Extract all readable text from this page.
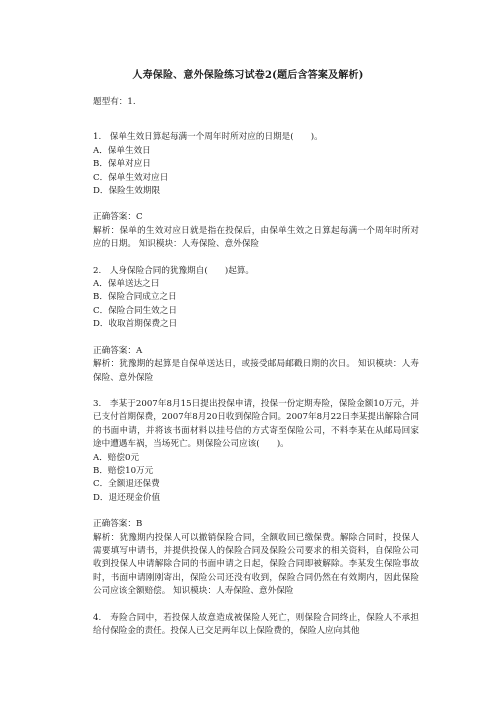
人寿保险、意外保险练习试卷2(题后含答案及解析)

题型有：1.

1.　保单生效日算起每满一个周年时所对应的日期是(　　)。

A．保单生效日

B．保单对应日

C．保单生效对应日

D．保险生效期限

正确答案：C

解析：保单的生效对应日就是指在投保后，由保单生效之日算起每满一个周年时所对应的日期。 知识模块：人寿保险、意外保险

2.　人身保险合同的犹豫期自(　　)起算。

A．保单送达之曰

B．保险合同成立之日

C．保险合同生效之日

D．收取首期保费之日

正确答案：A

解析：犹豫期的起算是自保单送达日，或接受邮局邮戳日期的次日。 知识模块：人寿保险、意外保险

3.　李某于2007年8月15日提出投保申请，投保一份定期寿险，保险金额10万元，并已支付首期保费，2007年8月20日收到保险合同。2007年8月22日李某提出解除合同的书面申请，并将该书面材料以挂号信的方式寄至保险公司，不料李某在从邮局回家途中遭遇车祸，当场死亡。则保险公司应该(　　)。

A．赔偿0元

B．赔偿10万元

C．全额退还保费

D．退还现金价值

正确答案：B

解析：犹豫期内投保人可以撤销保险合同，全额收回已缴保费。解除合同时，投保人需要填写申请书，并提供投保人的保险合同及保险公司要求的相关资料，自保险公司收到投保人申请解除合同的书面申请之日起，保险合同即被解除。李某发生保险事故时，书面申请刚刚寄出，保险公司还没有收到，保险合同仍然在有效期内，因此保险公司应该全额赔偿。 知识模块：人寿保险、意外保险

4.　寿险合同中，若投保人故意造成被保险人死亡，则保险合同终止，保险人不承担给付保险金的责任。投保人已交足两年以上保险费的，保险人应向其他
